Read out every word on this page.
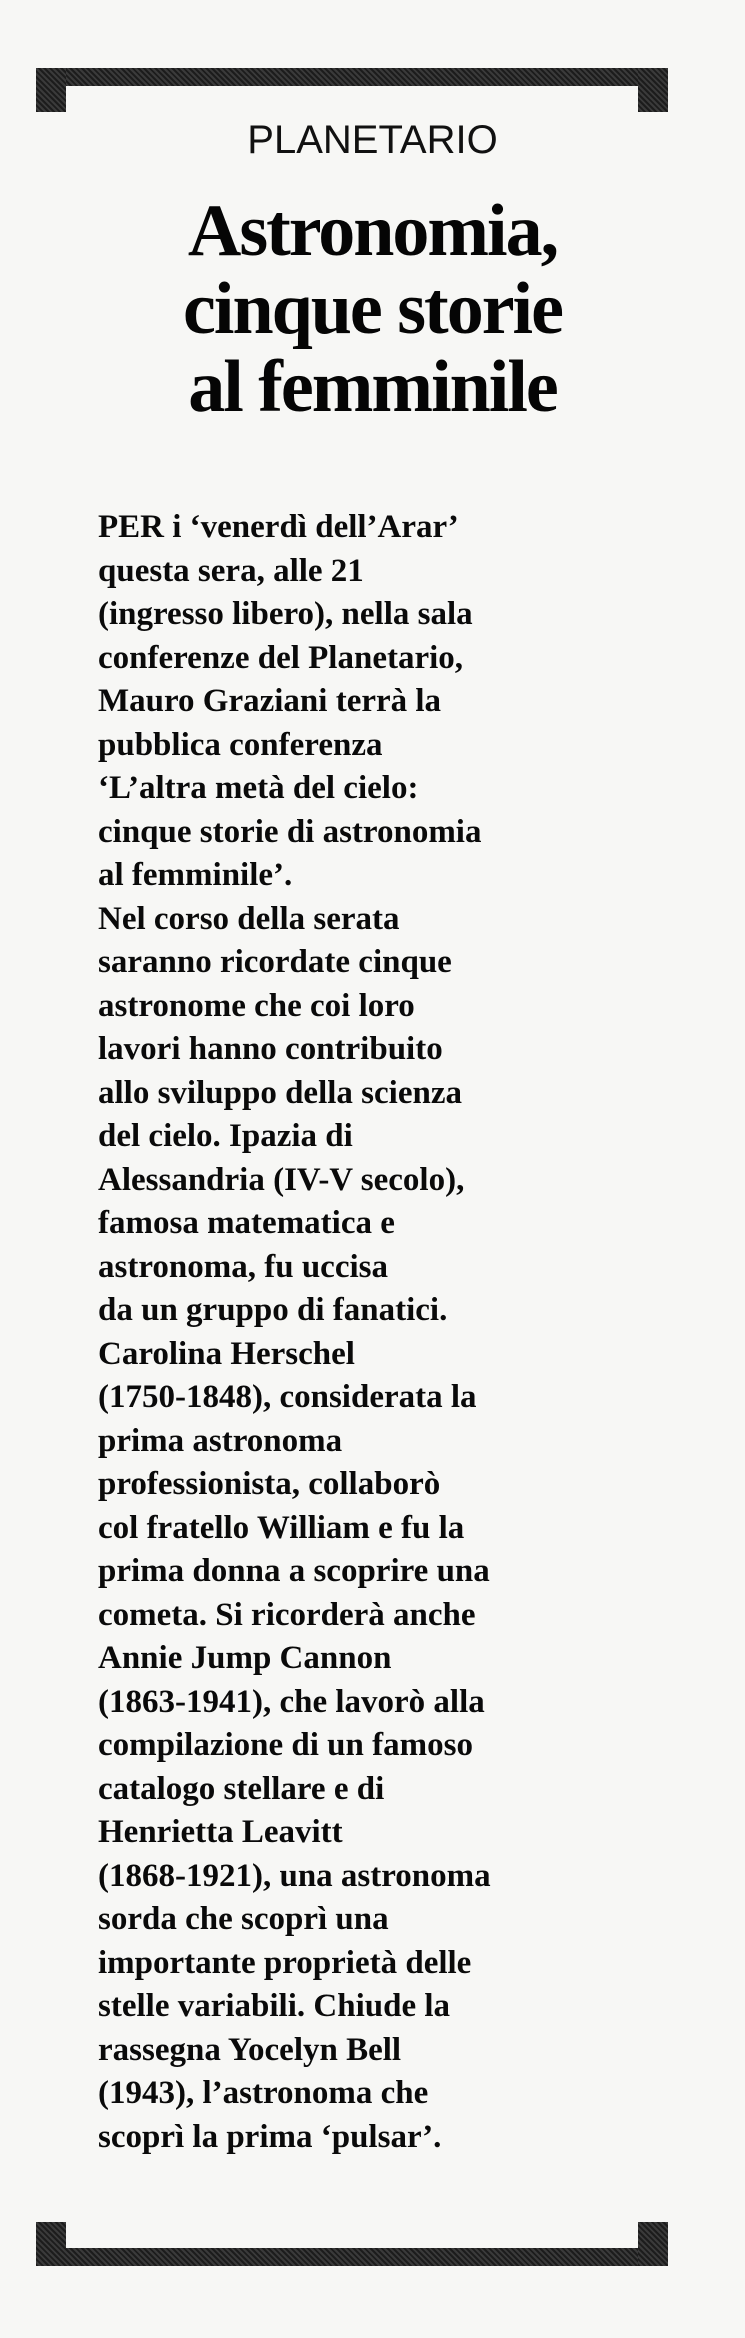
PLANETARIO
Astronomia,
cinque storie
al femminile
PER i ‘venerdì dell’Arar’
questa sera, alle 21
(ingresso libero), nella sala
conferenze del Planetario,
Mauro Graziani terrà la
pubblica conferenza
‘L’altra metà del cielo:
cinque storie di astronomia
al femminile’.
Nel corso della serata
saranno ricordate cinque
astronome che coi loro
lavori hanno contribuito
allo sviluppo della scienza
del cielo. Ipazia di
Alessandria (IV-V secolo),
famosa matematica e
astronoma, fu uccisa
da un gruppo di fanatici.
Carolina Herschel
(1750-1848), considerata la
prima astronoma
professionista, collaborò
col fratello William e fu la
prima donna a scoprire una
cometa. Si ricorderà anche
Annie Jump Cannon
(1863-1941), che lavorò alla
compilazione di un famoso
catalogo stellare e di
Henrietta Leavitt
(1868-1921), una astronoma
sorda che scoprì una
importante proprietà delle
stelle variabili. Chiude la
rassegna Yocelyn Bell
(1943), l’astronoma che
scoprì la prima ‘pulsar’.
